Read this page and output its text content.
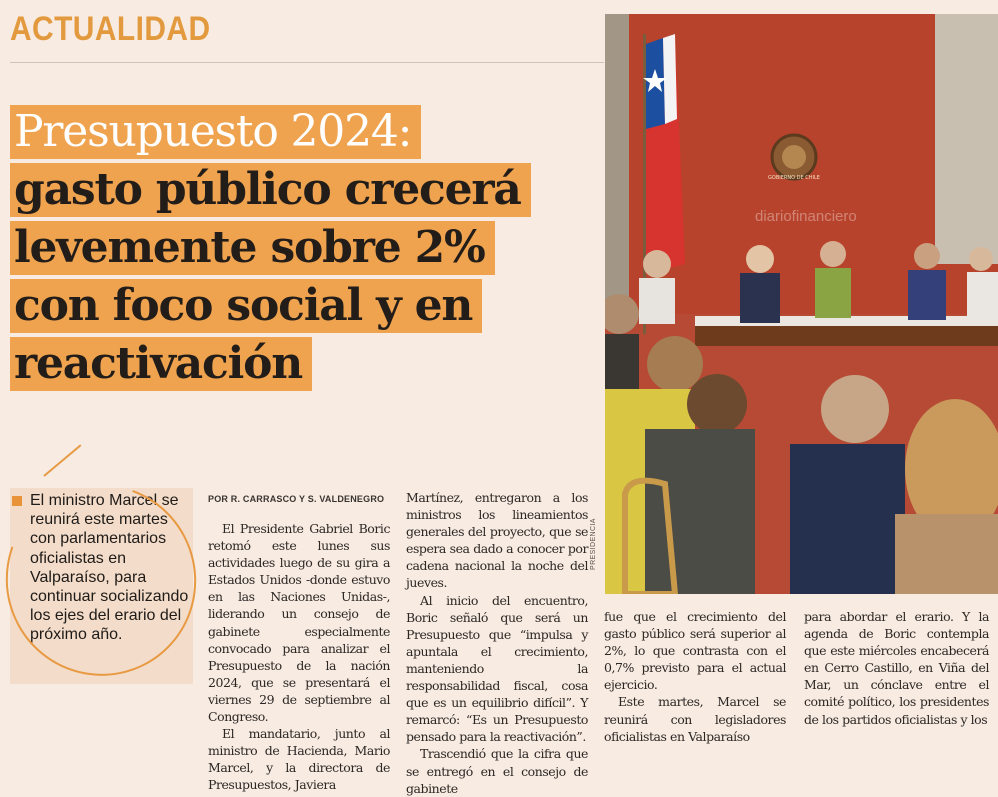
ACTUALIDAD
Presupuesto 2024:
gasto público crecerá
levemente sobre 2%
con foco social y en
reactivación
El ministro Marcel se reunirá este martes con parlamentarios oficialistas en Valparaíso, para continuar socializando los ejes del erario del próximo año.
POR R. CARRASCO Y S. VALDENEGRO

El Presidente Gabriel Boric retomó este lunes sus actividades luego de su gira a Estados Unidos -donde estuvo en las Naciones Unidas-, liderando un consejo de gabinete especialmente convocado para analizar el Presupuesto de la nación 2024, que se presentará el viernes 29 de septiembre al Congreso.

El mandatario, junto al ministro de Hacienda, Mario Marcel, y la directora de Presupuestos, Javiera

Martínez, entregaron a los ministros los lineamientos generales del proyecto, que se espera sea dado a conocer por cadena nacional la noche del jueves.

Al inicio del encuentro, Boric señaló que será un Presupuesto que “impulsa y apuntala el crecimiento, manteniendo la responsabilidad fiscal, cosa que es un equilibrio difícil”. Y remarcó: “Es un Presupuesto pensado para la reactivación”.

Trascendió que la cifra que se entregó en el consejo de gabinete

fue que el crecimiento del gasto público será superior al 2%, lo que contrasta con el 0,7% previsto para el actual ejercicio.

Este martes, Marcel se reunirá con legisladores oficialistas en Valparaíso

para abordar el erario. Y la agenda de Boric contempla que este miércoles encabecerá en Cerro Castillo, en Viña del Mar, un cónclave entre el comité político, los presidentes de los partidos oficialistas y los

GOBIERNO DE CHILE
diariofinanciero
PRESIDENCIA
